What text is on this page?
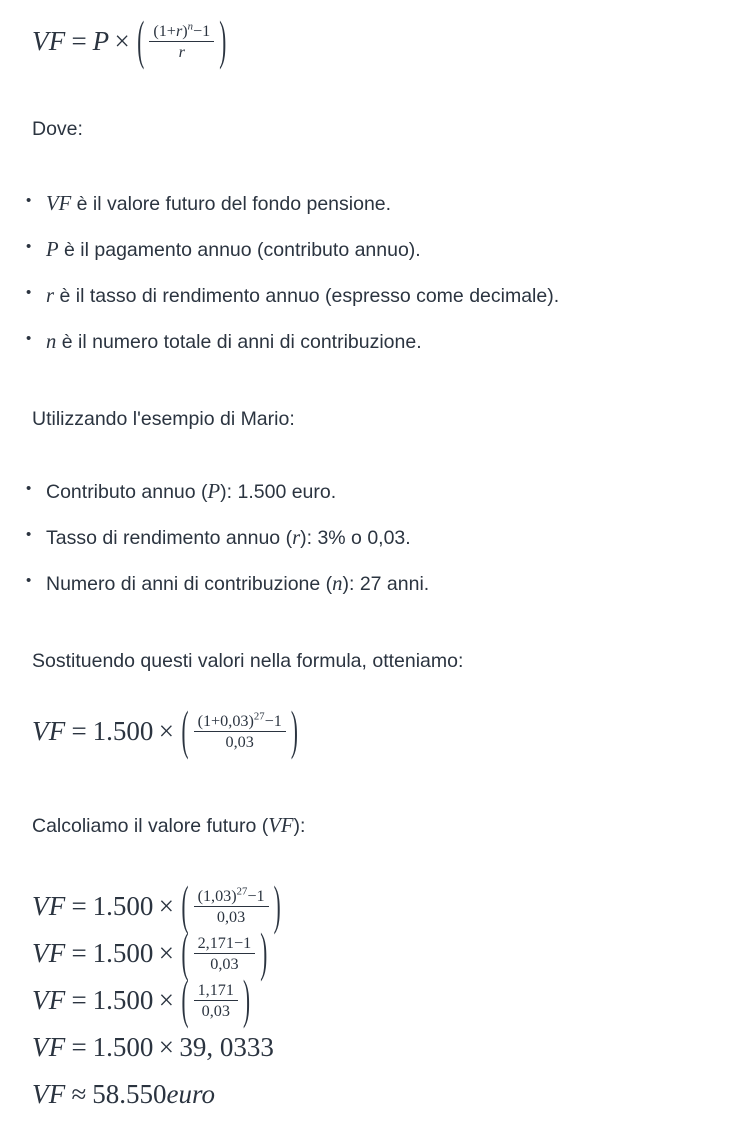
VF = P × ( $\frac{(1+r)^n-1}{r}$ )
Dove:
• VF è il valore futuro del fondo pensione.
• P è il pagamento annuo (contributo annuo).
• r è il tasso di rendimento annuo (espresso come decimale).
• n è il numero totale di anni di contribuzione.
Utilizzando l'esempio di Mario:
• Contributo annuo (P): 1.500 euro.
• Tasso di rendimento annuo (r): 3% o 0,03.
• Numero di anni di contribuzione (n): 27 anni.
Sostituendo questi valori nella formula, otteniamo:
VF = 1.500 × ( $\frac{(1+0,03)^{27}-1}{0,03}$ )
Calcoliamo il valore futuro (VF):
VF = 1.500 × ( $\frac{(1,03)^{27}-1}{0,03}$ )
VF = 1.500 × ( $\frac{2,171-1}{0,03}$ )
VF = 1.500 × ( $\frac{1,171}{0,03}$ )
VF = 1.500 × 39, 0333
VF ≈ 58.550 euro
